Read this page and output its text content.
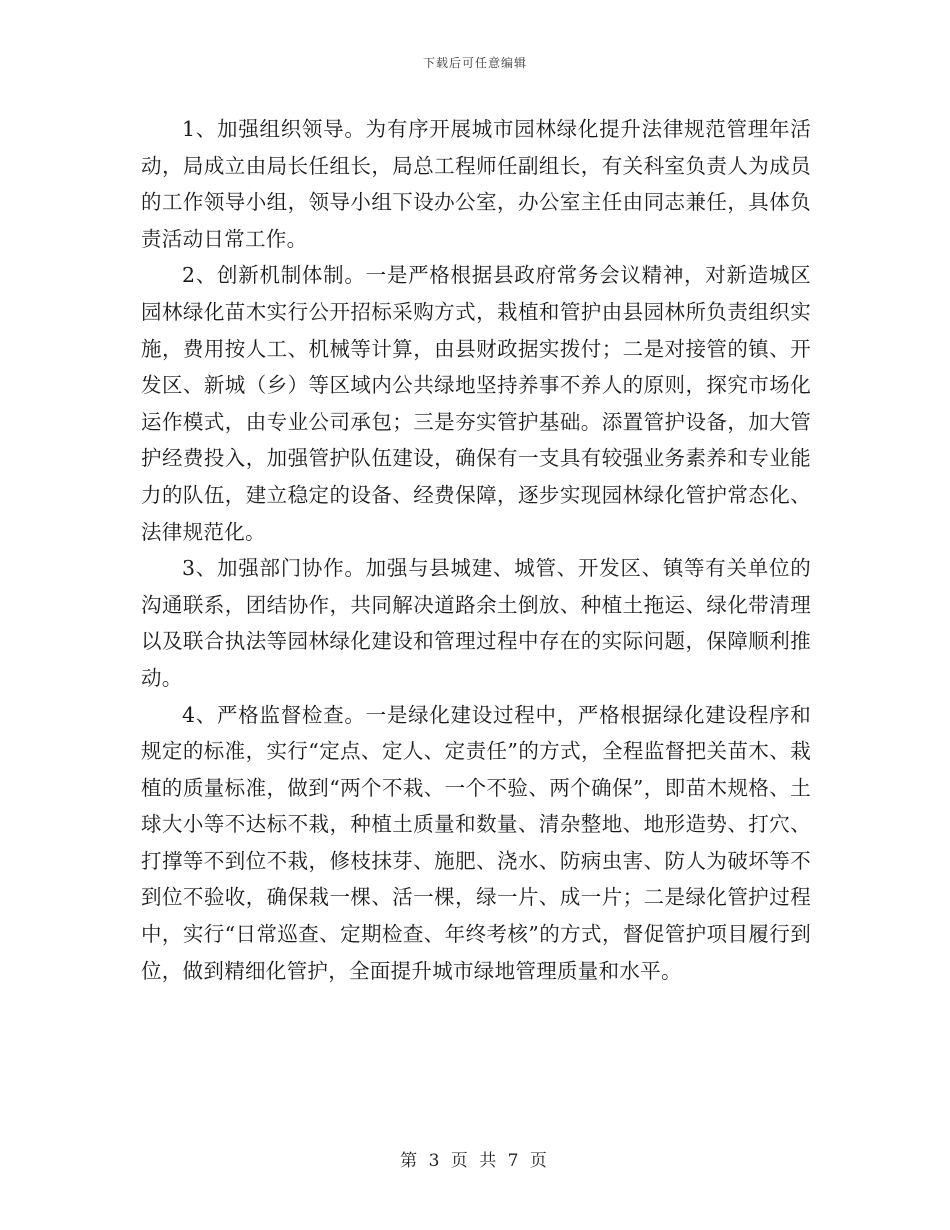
下载后可任意编辑

1、加强组织领导。为有序开展城市园林绿化提升法律规范管理年活动，局成立由局长任组长，局总工程师任副组长，有关科室负责人为成员的工作领导小组，领导小组下设办公室，办公室主任由同志兼任，具体负责活动日常工作。

2、创新机制体制。一是严格根据县政府常务会议精神，对新造城区园林绿化苗木实行公开招标采购方式，栽植和管护由县园林所负责组织实施，费用按人工、机械等计算，由县财政据实拨付；二是对接管的镇、开发区、新城（乡）等区域内公共绿地坚持养事不养人的原则，探究市场化运作模式，由专业公司承包；三是夯实管护基础。添置管护设备，加大管护经费投入，加强管护队伍建设，确保有一支具有较强业务素养和专业能力的队伍，建立稳定的设备、经费保障，逐步实现园林绿化管护常态化、法律规范化。

3、加强部门协作。加强与县城建、城管、开发区、镇等有关单位的沟通联系，团结协作，共同解决道路余土倒放、种植土拖运、绿化带清理以及联合执法等园林绿化建设和管理过程中存在的实际问题，保障顺利推动。

4、严格监督检查。一是绿化建设过程中，严格根据绿化建设程序和规定的标准，实行“定点、定人、定责任”的方式，全程监督把关苗木、栽植的质量标准，做到“两个不栽、一个不验、两个确保”，即苗木规格、土球大小等不达标不栽，种植土质量和数量、清杂整地、地形造势、打穴、打撑等不到位不栽，修枝抹芽、施肥、浇水、防病虫害、防人为破坏等不到位不验收，确保栽一棵、活一棵，绿一片、成一片；二是绿化管护过程中，实行“日常巡查、定期检查、年终考核”的方式，督促管护项目履行到位，做到精细化管护，全面提升城市绿地管理质量和水平。

第 3 页 共 7 页
